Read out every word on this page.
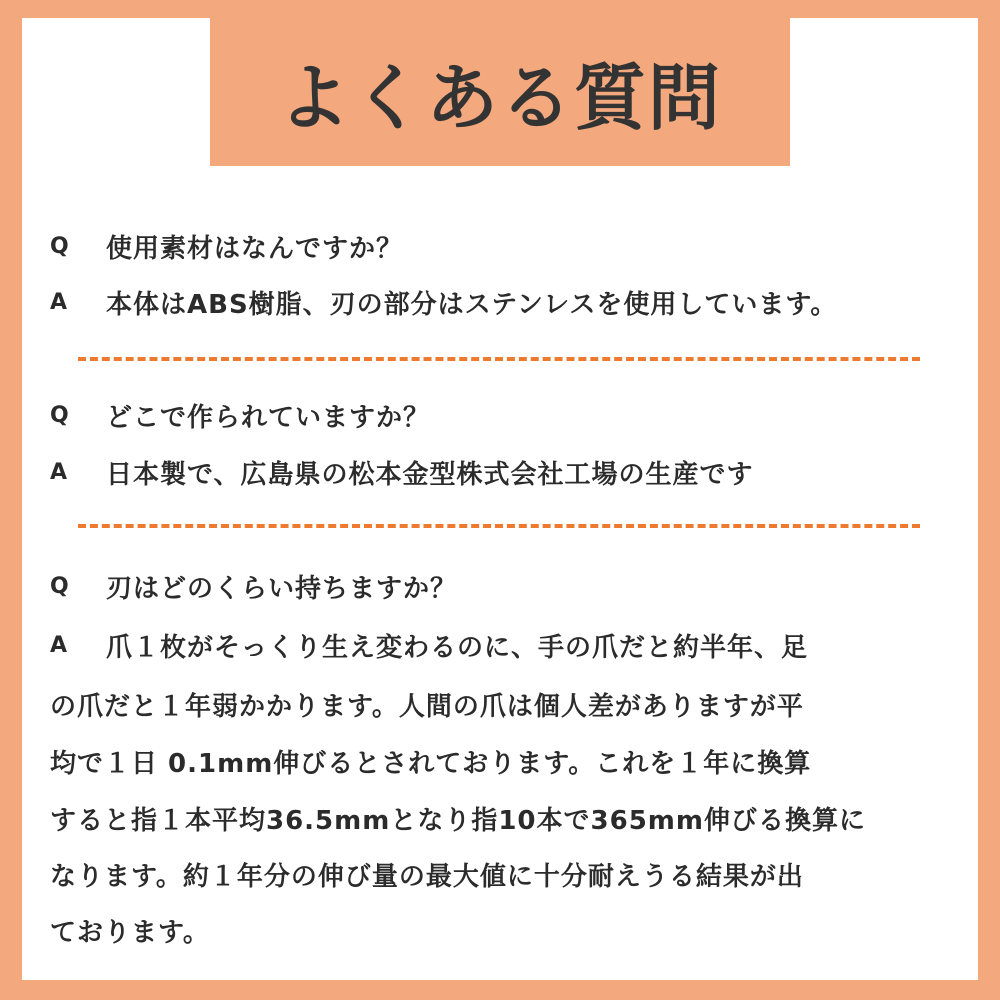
よくある質問
Q	使用素材はなんですか？
A	本体はABS樹脂、刃の部分はステンレスを使用しています。
Q	どこで作られていますか？
A	日本製で、広島県の松本金型株式会社工場の生産です
Q	刃はどのくらい持ちますか？
A	爪１枚がそっくり生え変わるのに、手の爪だと約半年、足
の爪だと１年弱かかります。人間の爪は個人差がありますが平
均で１日 0.1mm伸びるとされております。これを１年に換算
すると指１本平均36.5mmとなり指10本で365mm伸びる換算に
なります。約１年分の伸び量の最大値に十分耐えうる結果が出
ております。
